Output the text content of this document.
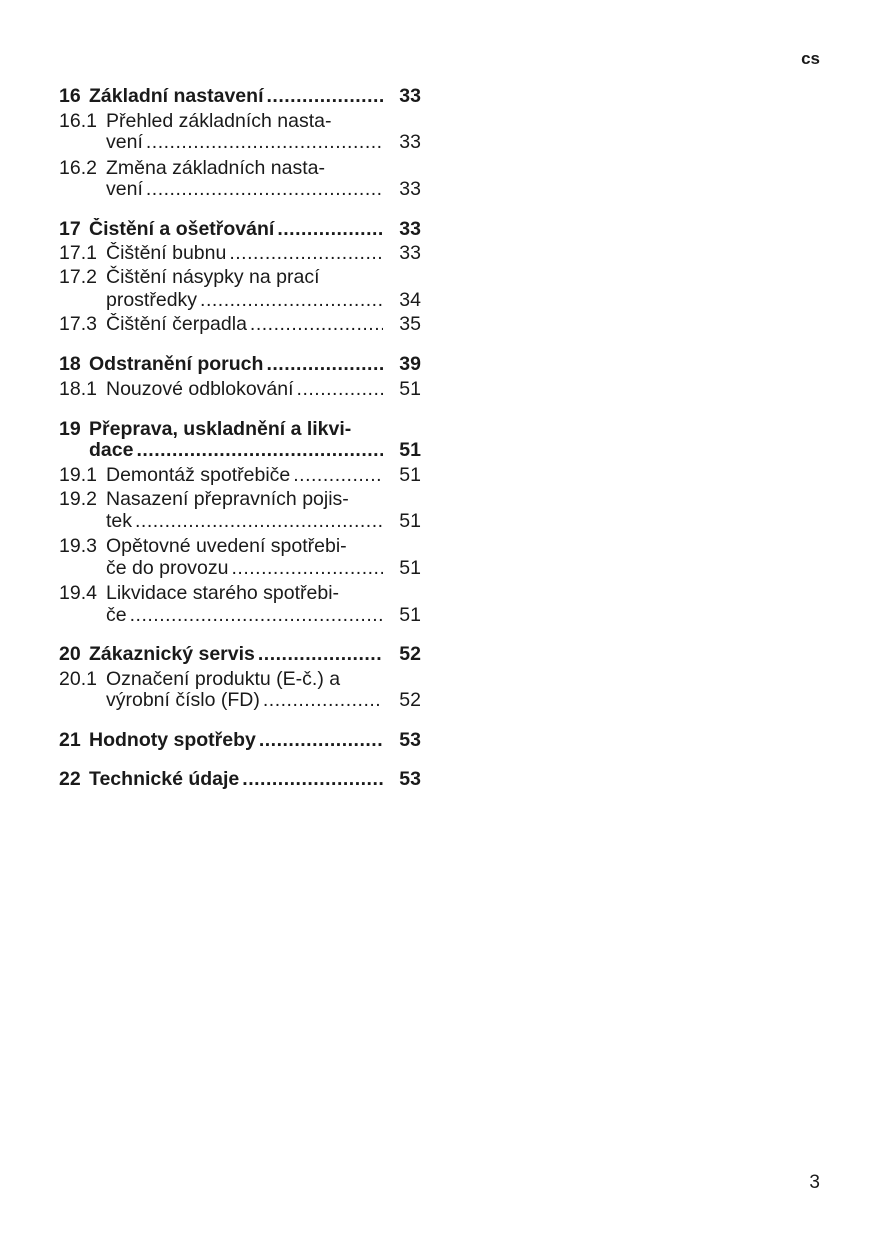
cs
16 Základní nastavení .....	33
16.1 Přehled základních nasta-
vení .....	33
16.2 Změna základních nasta-
vení .....	33
17 Čistění a ošetřování .....	33
17.1 Čištění bubnu .....	33
17.2 Čištění násypky na prací
prostředky .....	34
17.3 Čištění čerpadla .....	35
18 Odstranění poruch .....	39
18.1 Nouzové odblokování .....	51
19 Přeprava, uskladnění a likvi-
dace .....	51
19.1 Demontáž spotřebiče .....	51
19.2 Nasazení přepravních pojis-
tek .....	51
19.3 Opětovné uvedení spotřebi-
če do provozu .....	51
19.4 Likvidace starého spotřebi-
če .....	51
20 Zákaznický servis .....	52
20.1 Označení produktu (E-č.) a
výrobní číslo (FD) .....	52
21 Hodnoty spotřeby .....	53
22 Technické údaje .....	53
3
